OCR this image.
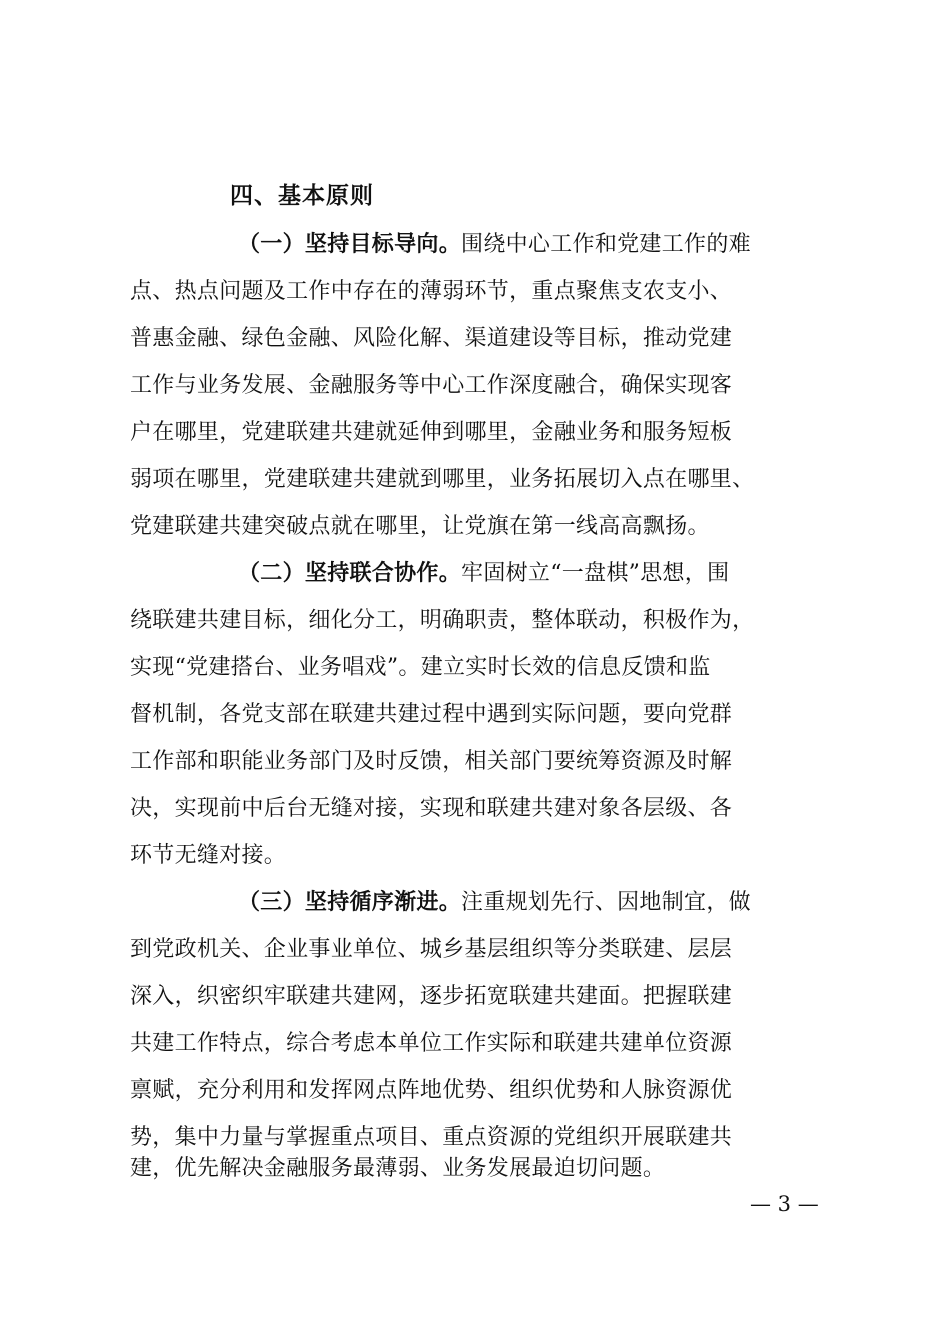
四、基本原则
（一）坚持目标导向。围绕中心工作和党建工作的难
点、热点问题及工作中存在的薄弱环节，重点聚焦支农支小、
普惠金融、绿色金融、风险化解、渠道建设等目标，推动党建
工作与业务发展、金融服务等中心工作深度融合，确保实现客
户在哪里，党建联建共建就延伸到哪里，金融业务和服务短板
弱项在哪里，党建联建共建就到哪里，业务拓展切入点在哪里、
党建联建共建突破点就在哪里，让党旗在第一线高高飘扬。
（二）坚持联合协作。牢固树立“一盘棋”思想，围
绕联建共建目标，细化分工，明确职责，整体联动，积极作为，
实现“党建搭台、业务唱戏”。建立实时长效的信息反馈和监
督机制，各党支部在联建共建过程中遇到实际问题，要向党群
工作部和职能业务部门及时反馈，相关部门要统筹资源及时解
决，实现前中后台无缝对接，实现和联建共建对象各层级、各
环节无缝对接。
（三）坚持循序渐进。注重规划先行、因地制宜，做
到党政机关、企业事业单位、城乡基层组织等分类联建、层层
深入，织密织牢联建共建网，逐步拓宽联建共建面。把握联建
共建工作特点，综合考虑本单位工作实际和联建共建单位资源
禀赋，充分利用和发挥网点阵地优势、组织优势和人脉资源优
势，集中力量与掌握重点项目、重点资源的党组织开展联建共
建，优先解决金融服务最薄弱、业务发展最迫切问题。
— 3 —
